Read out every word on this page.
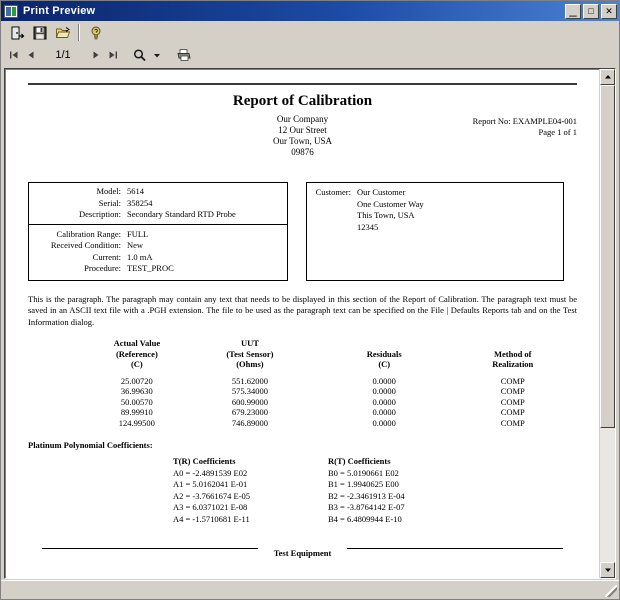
Print Preview	_	□	✕
1/1
Report of Calibration
Our Company
12 Our Street
Our Town, USA
09876
Report No: EXAMPLE04-001
Page 1 of 1
Model: 5614
Serial: 358254
Description: Secondary Standard RTD Probe
Calibration Range: FULL
Received Condition: New
Current: 1.0 mA
Procedure: TEST_PROC
Customer: Our Customer
One Customer Way
This Town, USA
12345
This is the paragraph. The paragraph may contain any text that needs to be displayed in this section of the Report of Calibration. The paragraph text must be saved in an ASCII text file with a .PGH extension. The file to be used as the paragraph text can be specified on the File | Defaults Reports tab and on the Test Information dialog.
Actual Value
(Reference)
(C)

UUT
(Test Sensor)
(Ohms)

Residuals
(C)

Method of
Realization

25.00720	551.62000	0.0000	COMP
36.99630	575.34000	0.0000	COMP
50.00570	600.99000	0.0000	COMP
89.99910	679.23000	0.0000	COMP
124.99500	746.89000	0.0000	COMP
Platinum Polynomial Coefficients:
T(R) Coefficients
A0 = -2.4891539 E02
A1 = 5.0162041 E-01
A2 = -3.7661674 E-05
A3 = 6.0371021 E-08
A4 = -1.5710681 E-11
R(T) Coefficients
B0 = 5.0190661 E02
B1 = 1.9940625 E00
B2 = -2.3461913 E-04
B3 = -3.8764142 E-07
B4 = 6.4809944 E-10
Test Equipment
